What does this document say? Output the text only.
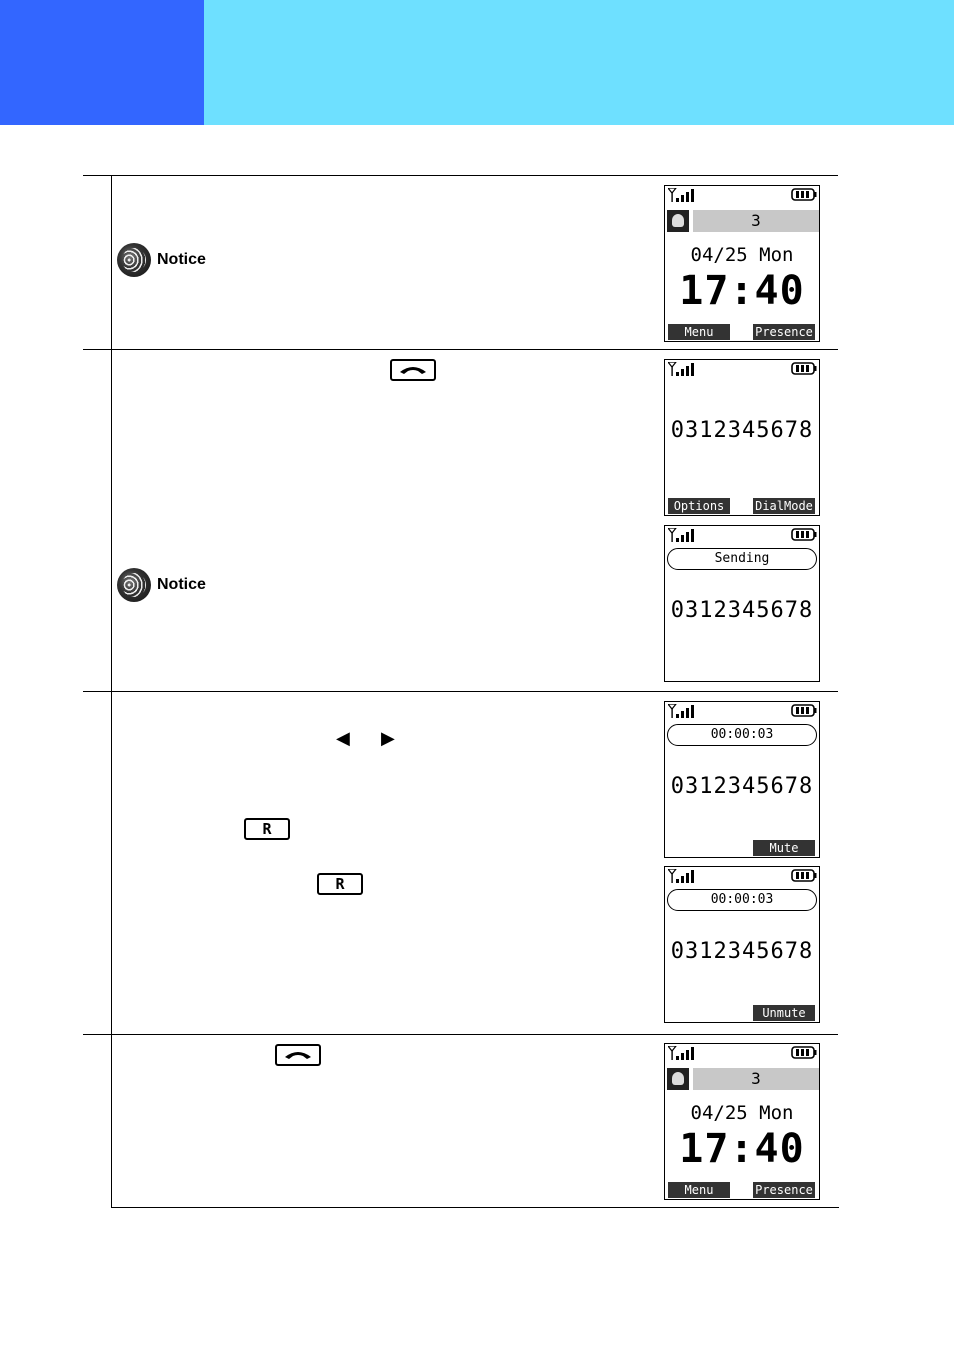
Notice
Notice
◀ ▶
R
R
3
04/25 Mon
17:40
Menu	Presence
0312345678
Options	DialMode
Sending
0312345678
00:00:03
0312345678
Mute
00:00:03
0312345678
Unmute
3
04/25 Mon
17:40
Menu	Presence
